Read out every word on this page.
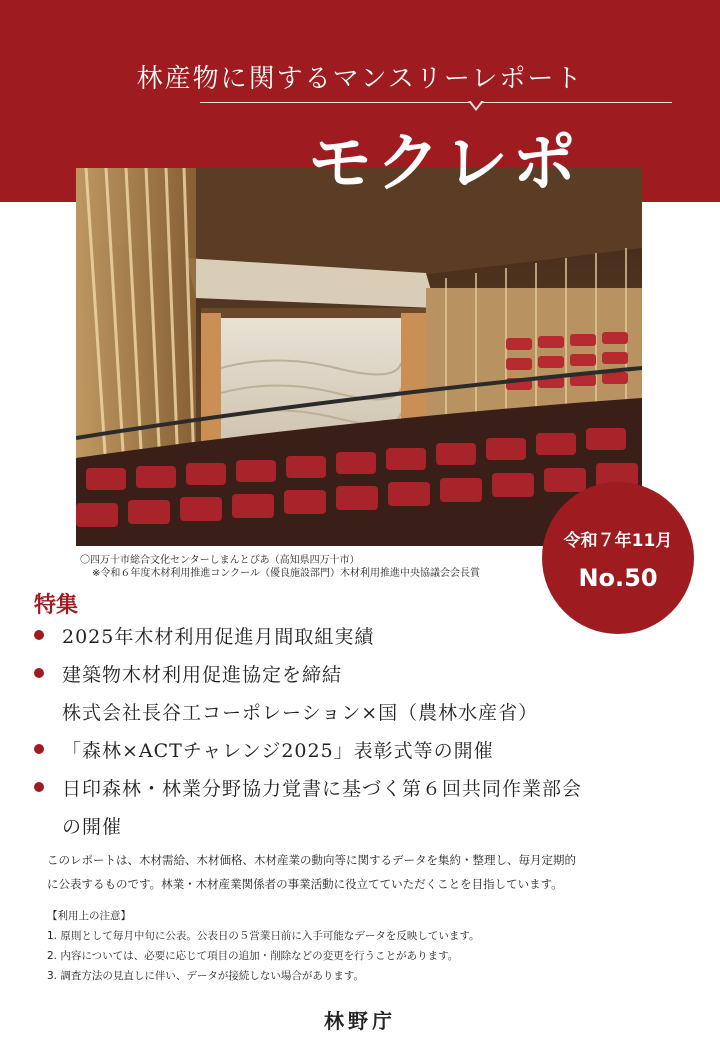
林産物に関するマンスリーレポート
モクレポ
〇四万十市総合文化センターしまんとぴあ（高知県四万十市）
※令和６年度木材利用推進コンクール（優良施設部門）木材利用推進中央協議会会長賞
令和７年11月
No.50
特集
2025年木材利用促進月間取組実績
建築物木材利用促進協定を締結
株式会社長谷工コーポレーション×国（農林水産省）
「森林×ACTチャレンジ2025」表彰式等の開催
日印森林・林業分野協力覚書に基づく第６回共同作業部会
の開催
このレポートは、木材需給、木材価格、木材産業の動向等に関するデータを集約・整理し、毎月定期的
に公表するものです。林業・木材産業関係者の事業活動に役立てていただくことを目指しています。
【利用上の注意】
1. 原則として毎月中旬に公表。公表日の５営業日前に入手可能なデータを反映しています。
2. 内容については、必要に応じて項目の追加・削除などの変更を行うことがあります。
3. 調査方法の見直しに伴い、データが接続しない場合があります。
林野庁
